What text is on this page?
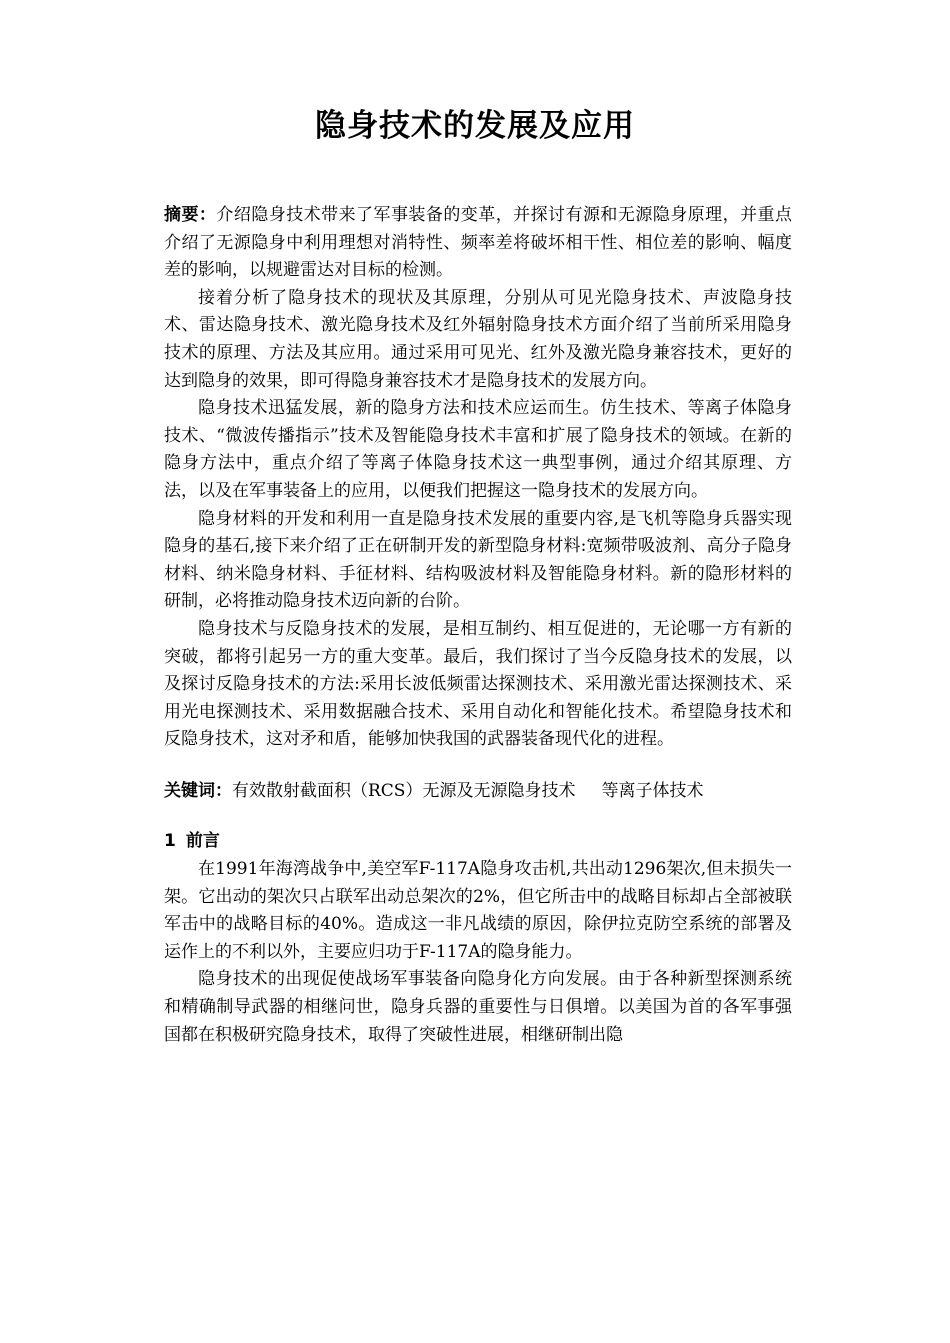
隐身技术的发展及应用

摘要：介绍隐身技术带来了军事装备的变革，并探讨有源和无源隐身原理，并重点介绍了无源隐身中利用理想对消特性、频率差将破坏相干性、相位差的影响、幅度差的影响，以规避雷达对目标的检测。

接着分析了隐身技术的现状及其原理，分别从可见光隐身技术、声波隐身技术、雷达隐身技术、激光隐身技术及红外辐射隐身技术方面介绍了当前所采用隐身技术的原理、方法及其应用。通过采用可见光、红外及激光隐身兼容技术，更好的达到隐身的效果，即可得隐身兼容技术才是隐身技术的发展方向。

隐身技术迅猛发展，新的隐身方法和技术应运而生。仿生技术、等离子体隐身技术、“微波传播指示”技术及智能隐身技术丰富和扩展了隐身技术的领域。在新的隐身方法中，重点介绍了等离子体隐身技术这一典型事例，通过介绍其原理、方法，以及在军事装备上的应用，以便我们把握这一隐身技术的发展方向。

隐身材料的开发和利用一直是隐身技术发展的重要内容,是飞机等隐身兵器实现隐身的基石,接下来介绍了正在研制开发的新型隐身材料:宽频带吸波剂、高分子隐身材料、纳米隐身材料、手征材料、结构吸波材料及智能隐身材料。新的隐形材料的研制，必将推动隐身技术迈向新的台阶。

隐身技术与反隐身技术的发展，是相互制约、相互促进的，无论哪一方有新的突破，都将引起另一方的重大变革。最后，我们探讨了当今反隐身技术的发展，以及探讨反隐身技术的方法:采用长波低频雷达探测技术、采用激光雷达探测技术、采用光电探测技术、采用数据融合技术、采用自动化和智能化技术。希望隐身技术和反隐身技术，这对矛和盾，能够加快我国的武器装备现代化的进程。

关键词：有效散射截面积（RCS）无源及无源隐身技术 等离子体技术

1 前言

在1991年海湾战争中,美空军F-117A隐身攻击机,共出动1296架次,但未损失一架。它出动的架次只占联军出动总架次的2%，但它所击中的战略目标却占全部被联军击中的战略目标的40%。造成这一非凡战绩的原因，除伊拉克防空系统的部署及运作上的不利以外，主要应归功于F-117A的隐身能力。

隐身技术的出现促使战场军事装备向隐身化方向发展。由于各种新型探测系统和精确制导武器的相继问世，隐身兵器的重要性与日俱增。以美国为首的各军事强国都在积极研究隐身技术，取得了突破性进展，相继研制出隐
